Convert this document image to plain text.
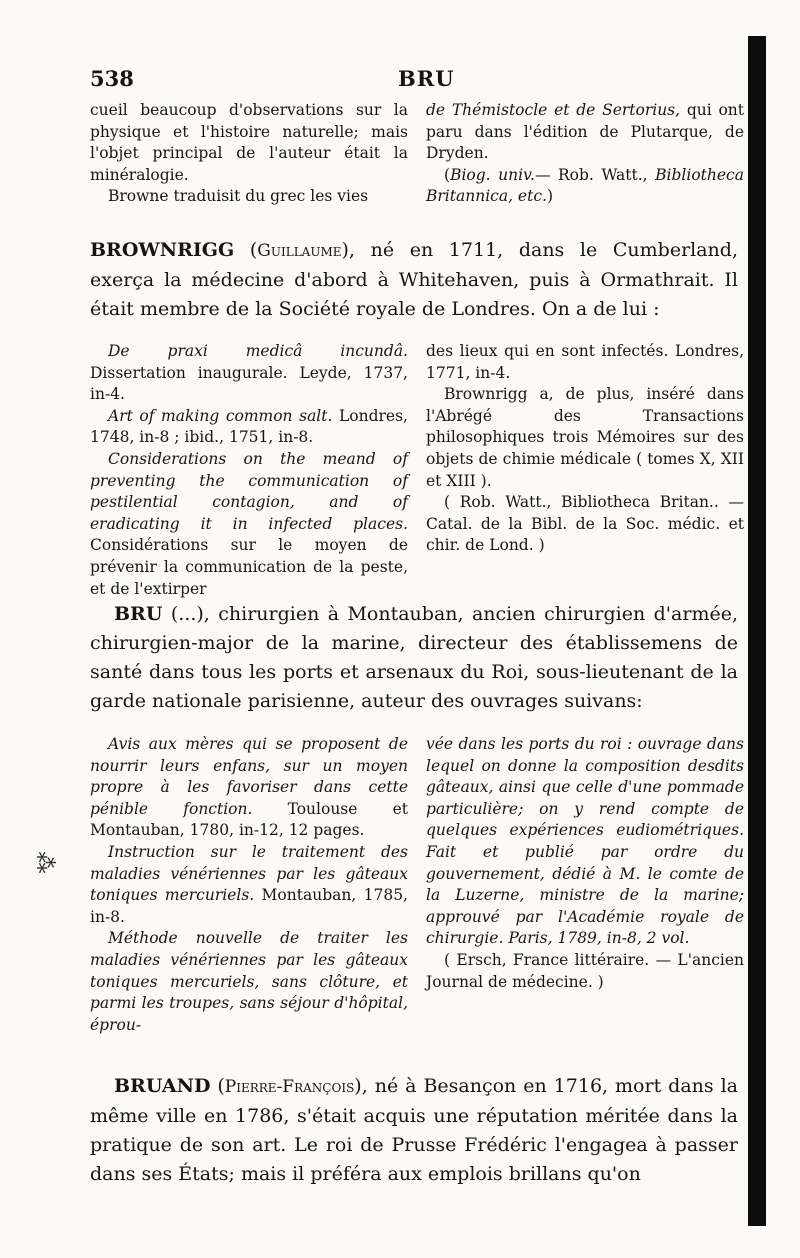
⁂
538	BRU

cueil beaucoup d'observations sur la physique et l'histoire naturelle; mais l'objet principal de l'auteur était la minéralogie.

Browne traduisit du grec les vies

de Thémistocle et de Sertorius, qui ont paru dans l'édition de Plutarque, de Dryden.

(Biog. univ.— Rob. Watt., Bibliotheca Britannica, etc.)

BROWNRIGG (Guillaume), né en 1711, dans le Cumberland, exerça la médecine d'abord à Whitehaven, puis à Ormathrait. Il était membre de la Société royale de Londres. On a de lui :

De praxi medicâ incundâ. Dissertation inaugurale. Leyde, 1737, in-4.

Art of making common salt. Londres, 1748, in-8 ; ibid., 1751, in-8.

Considerations on the meand of preventing the communication of pestilential contagion, and of eradicating it in infected places. Considérations sur le moyen de prévenir la communication de la peste, et de l'extirper

des lieux qui en sont infectés. Londres, 1771, in-4.

Brownrigg a, de plus, inséré dans l'Abrégé des Transactions philosophiques trois Mémoires sur des objets de chimie médicale ( tomes X, XII et XIII ).

( Rob. Watt., Bibliotheca Britan.. — Catal. de la Bibl. de la Soc. médic. et chir. de Lond. )

BRU (...), chirurgien à Montauban, ancien chirurgien d'armée, chirurgien-major de la marine, directeur des établissemens de santé dans tous les ports et arsenaux du Roi, sous-lieutenant de la garde nationale parisienne, auteur des ouvrages suivans:

Avis aux mères qui se proposent de nourrir leurs enfans, sur un moyen propre à les favoriser dans cette pénible fonction. Toulouse et Montauban, 1780, in-12, 12 pages.

Instruction sur le traitement des maladies vénériennes par les gâteaux toniques mercuriels. Montauban, 1785, in-8.

Méthode nouvelle de traiter les maladies vénériennes par les gâteaux toniques mercuriels, sans clôture, et parmi les troupes, sans séjour d'hôpital, éprou-

vée dans les ports du roi : ouvrage dans lequel on donne la composition desdits gâteaux, ainsi que celle d'une pommade particulière; on y rend compte de quelques expériences eudiométriques. Fait et publié par ordre du gouvernement, dédié à M. le comte de la Luzerne, ministre de la marine; approuvé par l'Académie royale de chirurgie. Paris, 1789, in-8, 2 vol.

( Ersch, France littéraire. — L'ancien Journal de médecine. )

BRUAND (Pierre-François), né à Besançon en 1716, mort dans la même ville en 1786, s'était acquis une réputation méritée dans la pratique de son art. Le roi de Prusse Frédéric l'engagea à passer dans ses États; mais il préféra aux emplois brillans qu'on
